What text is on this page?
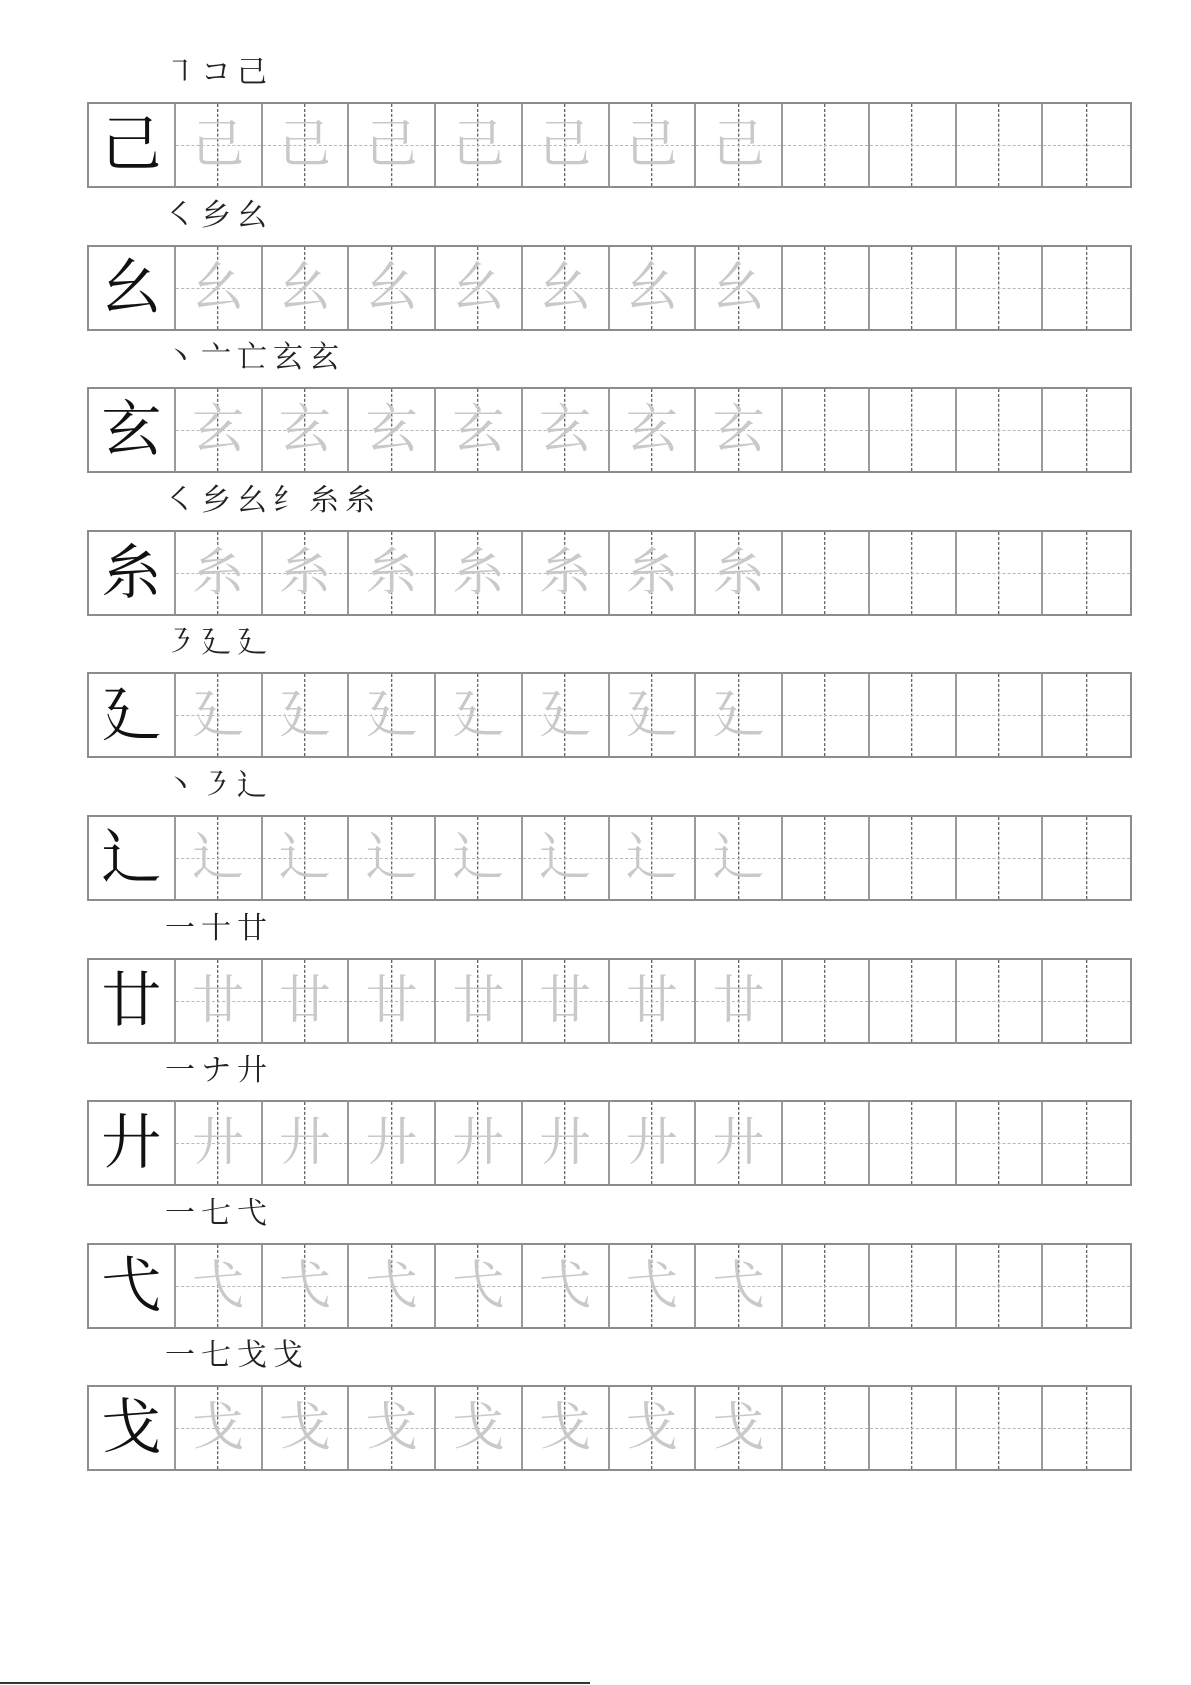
㇕ コ 己
己 己 己 己 己 己 己 己
㇛ 乡 幺
幺 幺 幺 幺 幺 幺 幺 幺
丶 亠 亡 玄 玄
玄 玄 玄 玄 玄 玄 玄 玄
㇛ 乡 幺 纟 糸 糸
糸 糸 糸 糸 糸 糸 糸 糸
㇋ 廴 廴
廴 廴 廴 廴 廴 廴 廴 廴
丶 ㇋ 辶
辶 辶 辶 辶 辶 辶 辶 辶
一 十 廿
廿 廿 廿 廿 廿 廿 廿 廿
一 ナ 廾
廾 廾 廾 廾 廾 廾 廾 廾
一 七 弋
弋 弋 弋 弋 弋 弋 弋 弋
一 七 戈 戈
戈 戈 戈 戈 戈 戈 戈 戈
